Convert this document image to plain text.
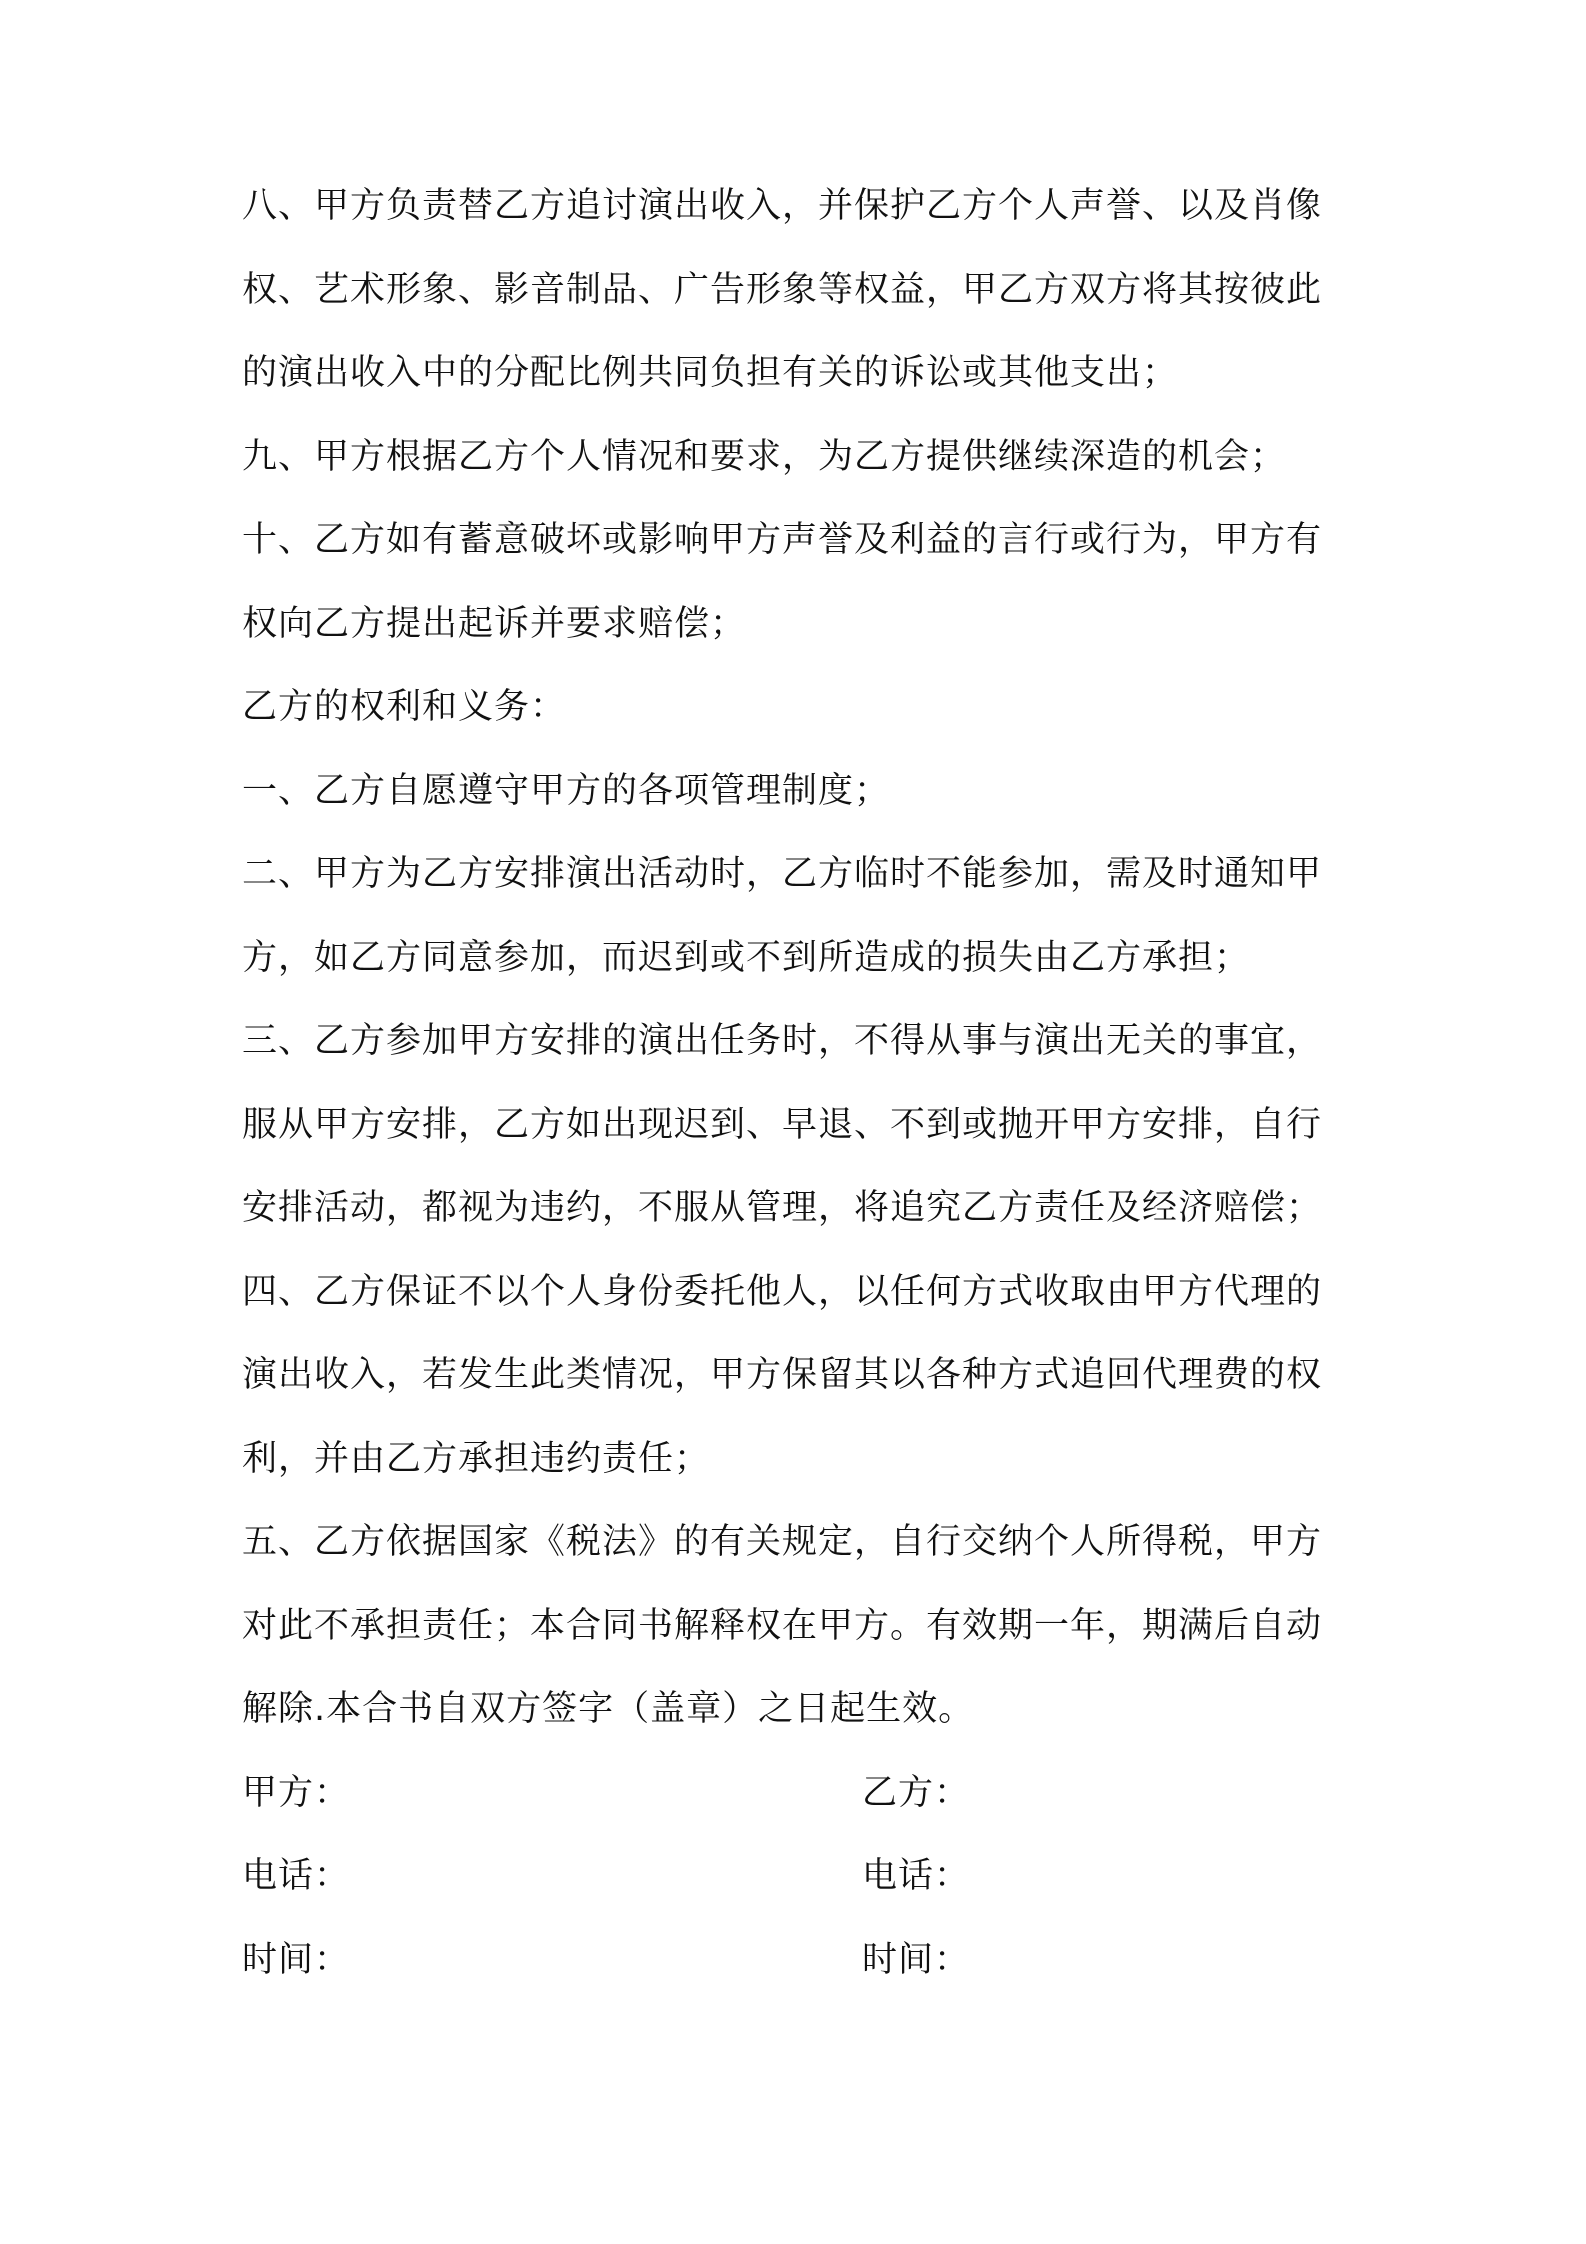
八、甲方负责替乙方追讨演出收入，并保护乙方个人声誉、以及肖像权、艺术形象、影音制品、广告形象等权益，甲乙方双方将其按彼此的演出收入中的分配比例共同负担有关的诉讼或其他支出；

九、甲方根据乙方个人情况和要求，为乙方提供继续深造的机会；

十、乙方如有蓄意破坏或影响甲方声誉及利益的言行或行为，甲方有权向乙方提出起诉并要求赔偿；

乙方的权利和义务：

一、乙方自愿遵守甲方的各项管理制度；

二、甲方为乙方安排演出活动时，乙方临时不能参加，需及时通知甲方，如乙方同意参加，而迟到或不到所造成的损失由乙方承担；

三、乙方参加甲方安排的演出任务时，不得从事与演出无关的事宜，服从甲方安排，乙方如出现迟到、早退、不到或抛开甲方安排，自行安排活动，都视为违约，不服从管理，将追究乙方责任及经济赔偿；

四、乙方保证不以个人身份委托他人，以任何方式收取由甲方代理的演出收入，若发生此类情况，甲方保留其以各种方式追回代理费的权利，并由乙方承担违约责任；

五、乙方依据国家《税法》的有关规定，自行交纳个人所得税，甲方对此不承担责任；本合同书解释权在甲方。有效期一年，期满后自动解除.本合书自双方签字（盖章）之日起生效。

甲方：	乙方：
电话：	电话：
时间：	时间：
